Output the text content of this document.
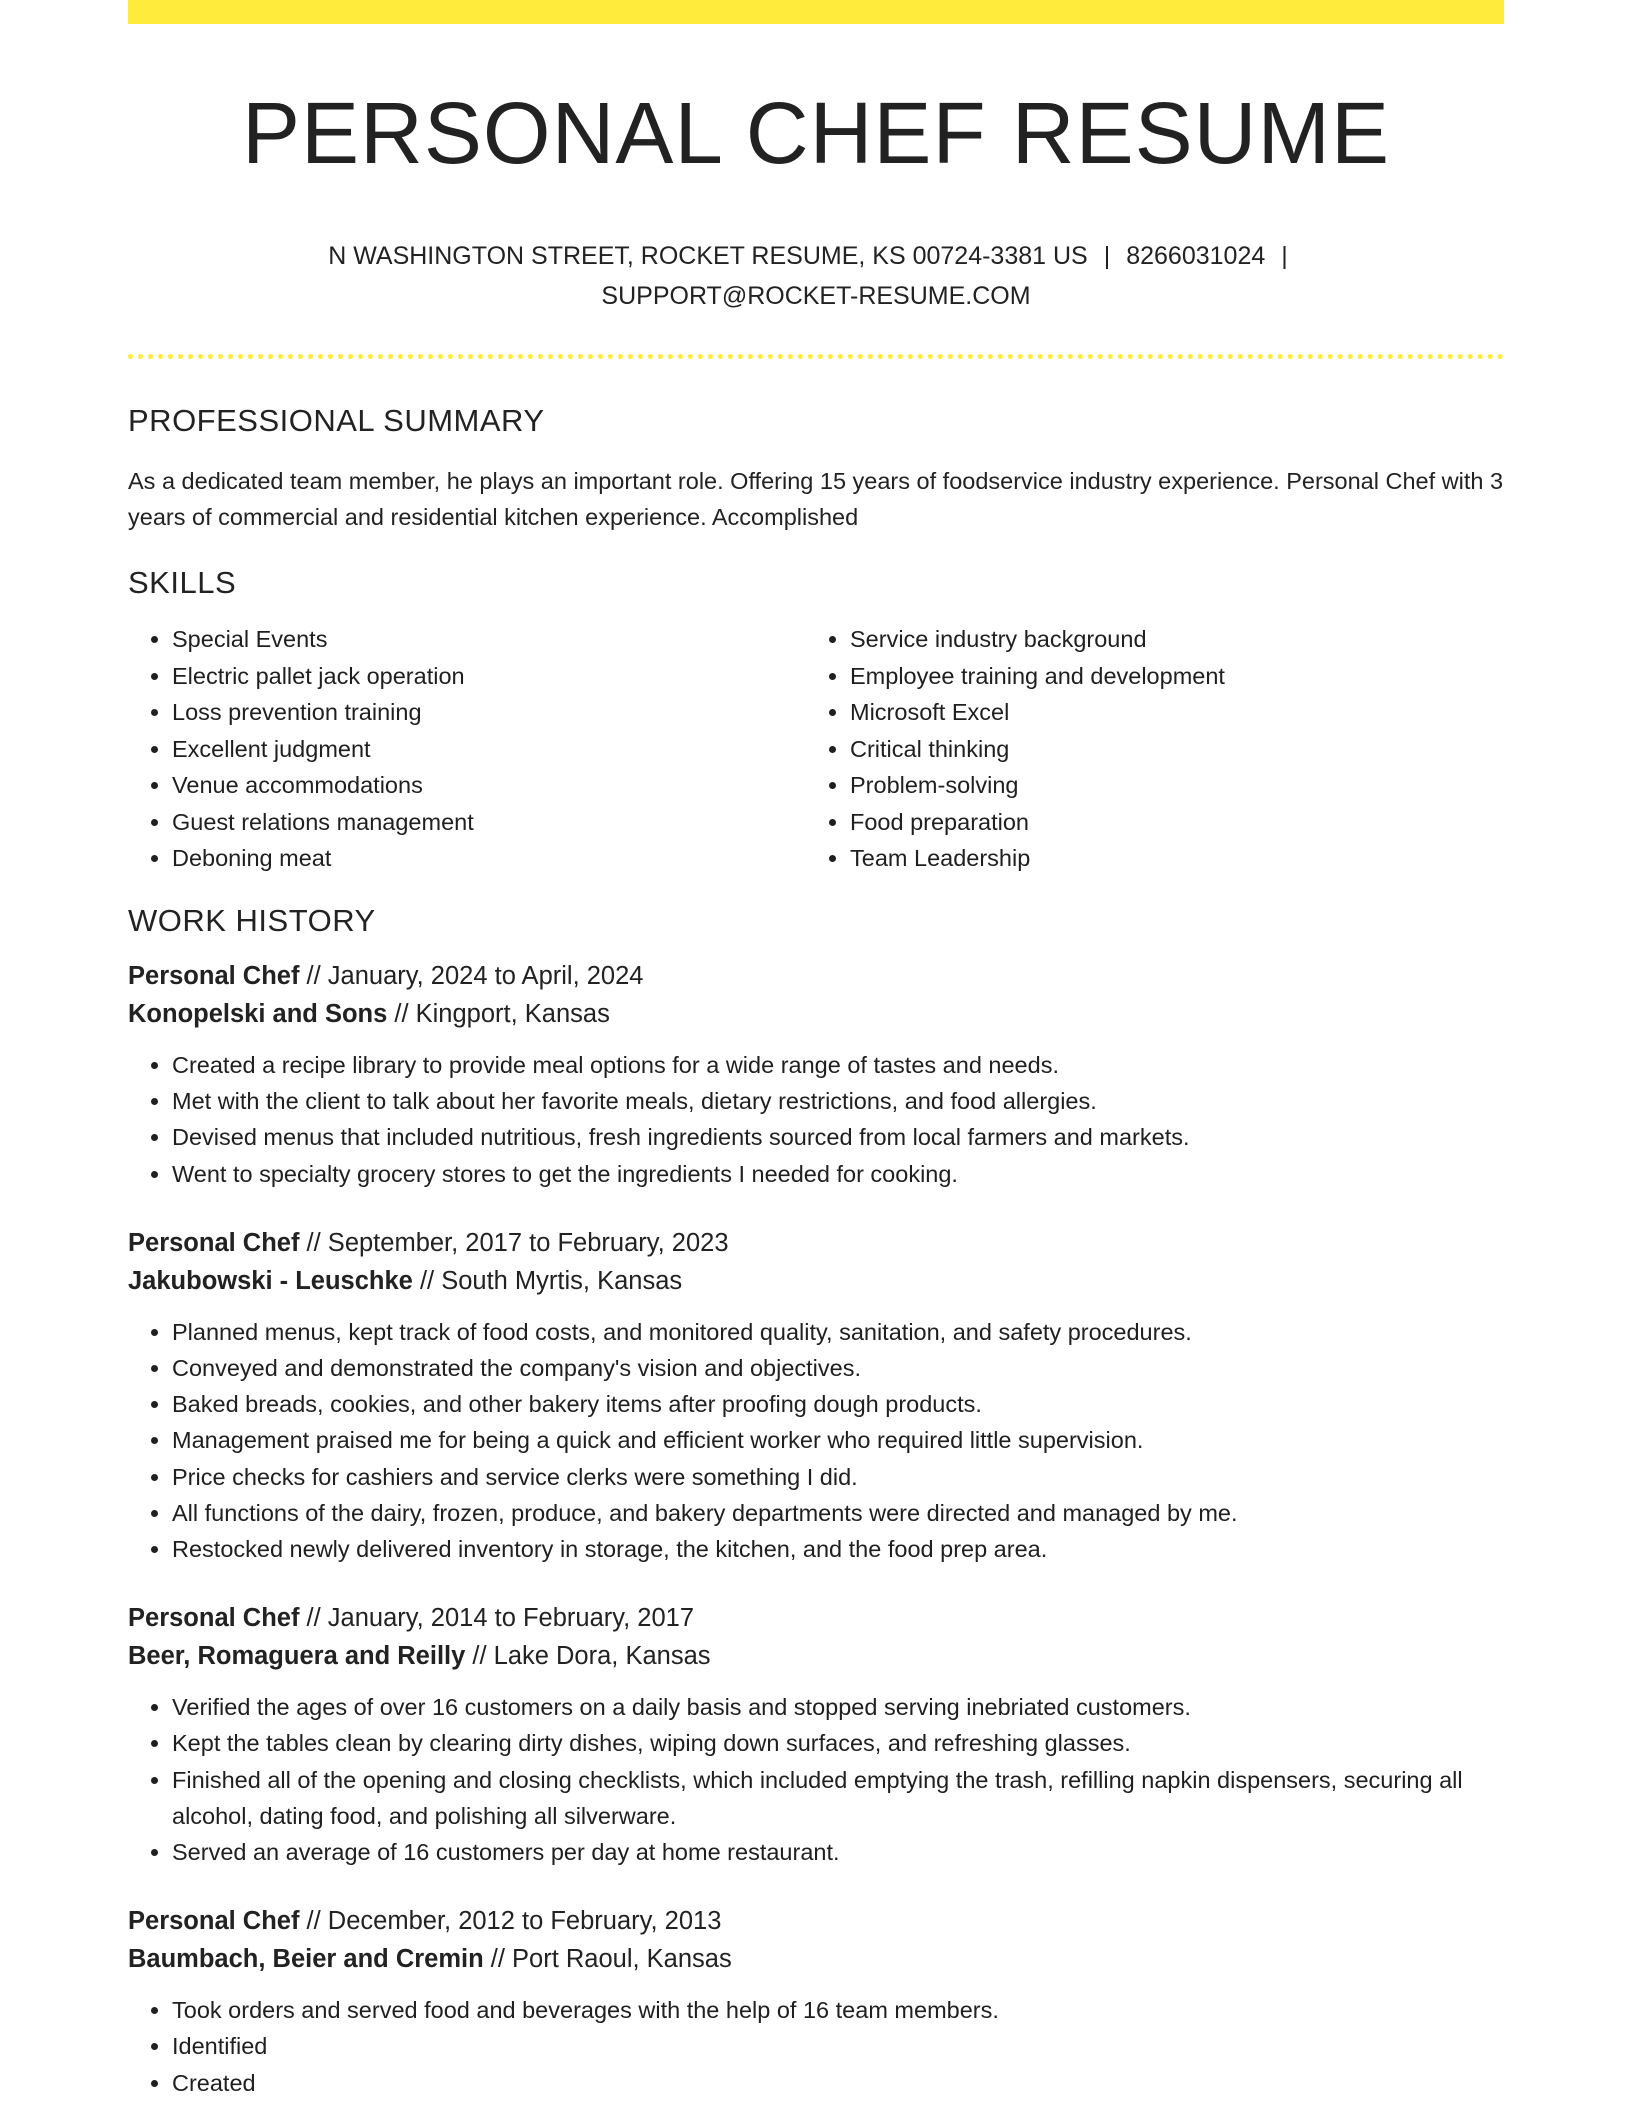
PERSONAL CHEF RESUME
N WASHINGTON STREET, ROCKET RESUME, KS 00724-3381 US | 8266031024 |
SUPPORT@ROCKET-RESUME.COM
PROFESSIONAL SUMMARY
As a dedicated team member, he plays an important role. Offering 15 years of foodservice industry experience. Personal Chef with 3 years of commercial and residential kitchen experience. Accomplished
SKILLS
• Special Events
• Electric pallet jack operation
• Loss prevention training
• Excellent judgment
• Venue accommodations
• Guest relations management
• Deboning meat
• Service industry background
• Employee training and development
• Microsoft Excel
• Critical thinking
• Problem-solving
• Food preparation
• Team Leadership
WORK HISTORY
Personal Chef // January, 2024 to April, 2024
Konopelski and Sons // Kingport, Kansas
• Created a recipe library to provide meal options for a wide range of tastes and needs.
• Met with the client to talk about her favorite meals, dietary restrictions, and food allergies.
• Devised menus that included nutritious, fresh ingredients sourced from local farmers and markets.
• Went to specialty grocery stores to get the ingredients I needed for cooking.
Personal Chef // September, 2017 to February, 2023
Jakubowski - Leuschke // South Myrtis, Kansas
• Planned menus, kept track of food costs, and monitored quality, sanitation, and safety procedures.
• Conveyed and demonstrated the company's vision and objectives.
• Baked breads, cookies, and other bakery items after proofing dough products.
• Management praised me for being a quick and efficient worker who required little supervision.
• Price checks for cashiers and service clerks were something I did.
• All functions of the dairy, frozen, produce, and bakery departments were directed and managed by me.
• Restocked newly delivered inventory in storage, the kitchen, and the food prep area.
Personal Chef // January, 2014 to February, 2017
Beer, Romaguera and Reilly // Lake Dora, Kansas
• Verified the ages of over 16 customers on a daily basis and stopped serving inebriated customers.
• Kept the tables clean by clearing dirty dishes, wiping down surfaces, and refreshing glasses.
• Finished all of the opening and closing checklists, which included emptying the trash, refilling napkin dispensers, securing all alcohol, dating food, and polishing all silverware.
• Served an average of 16 customers per day at home restaurant.
Personal Chef // December, 2012 to February, 2013
Baumbach, Beier and Cremin // Port Raoul, Kansas
• Took orders and served food and beverages with the help of 16 team members.
• Identified
• Created
